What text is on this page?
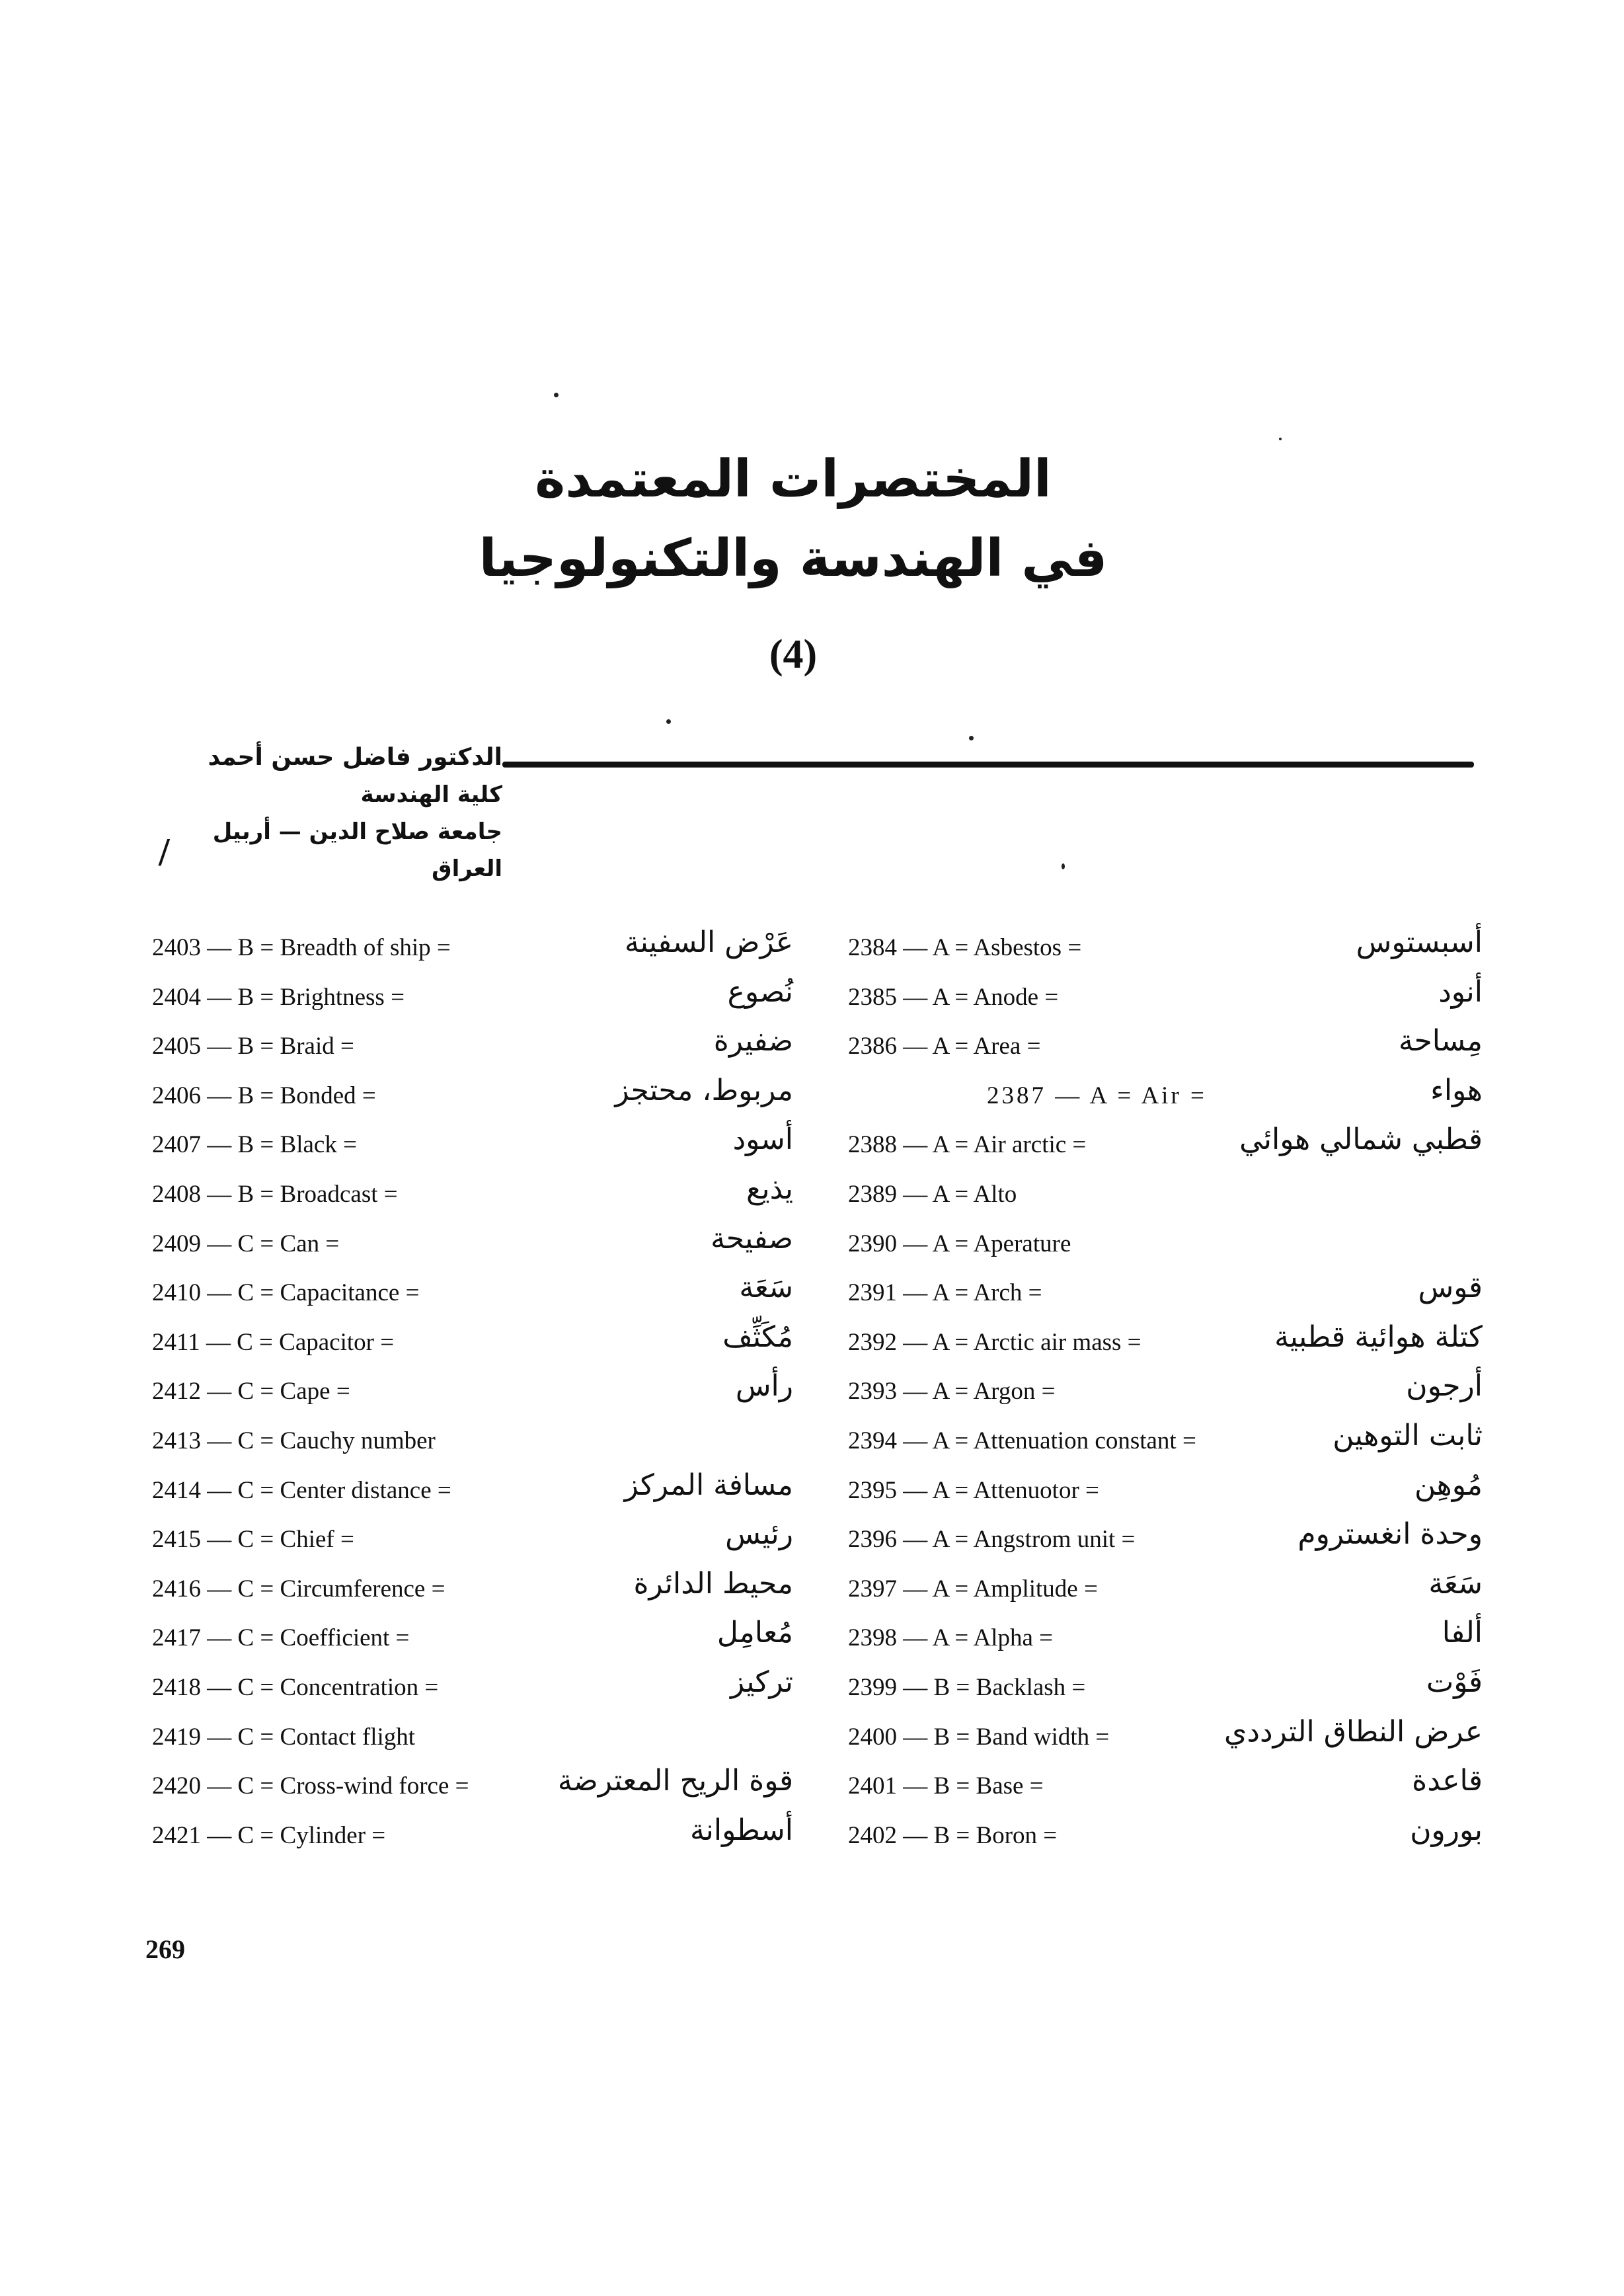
المختصرات المعتمدة
في الهندسة والتكنولوجيا
(4)
الدكتور فاضل حسن أحمد
كلية الهندسة
جامعة صلاح الدين — أربيل
العراق
/
2403 — B = Breadth of ship =	عَرْض السفينة
2404 — B = Brightness =	نُصوع
2405 — B = Braid =	ضفيرة
2406 — B = Bonded =	مربوط، محتجز
2407 — B = Black =	أسود
2408 — B = Broadcast =	يذيع
2409 — C = Can =	صفيحة
2410 — C = Capacitance =	سَعَة
2411 — C = Capacitor =	مُكَثِّف
2412 — C = Cape =	رأس
2413 — C = Cauchy number
2414 — C = Center distance =	مسافة المركز
2415 — C = Chief =	رئيس
2416 — C = Circumference =	محيط الدائرة
2417 — C = Coefficient =	مُعامِل
2418 — C = Concentration =	تركيز
2419 — C = Contact flight
2420 — C = Cross-wind force =	قوة الريح المعترضة
2421 — C = Cylinder =	أسطوانة
2384 — A = Asbestos =	أسبستوس
2385 — A = Anode =	أنود
2386 — A = Area =	مِساحة
2387 — A = Air =	هواء
2388 — A = Air arctic =	قطبي شمالي هوائي
2389 — A = Alto
2390 — A = Aperature
2391 — A = Arch =	قوس
2392 — A = Arctic air mass =	كتلة هوائية قطبية
2393 — A = Argon =	أرجون
2394 — A = Attenuation constant =	ثابت التوهين
2395 — A = Attenuotor =	مُوهِن
2396 — A = Angstrom unit =	وحدة انغستروم
2397 — A = Amplitude =	سَعَة
2398 — A = Alpha =	ألفا
2399 — B = Backlash =	فَوْت
2400 — B = Band width =	عرض النطاق الترددي
2401 — B = Base =	قاعدة
2402 — B = Boron =	بورون
269
